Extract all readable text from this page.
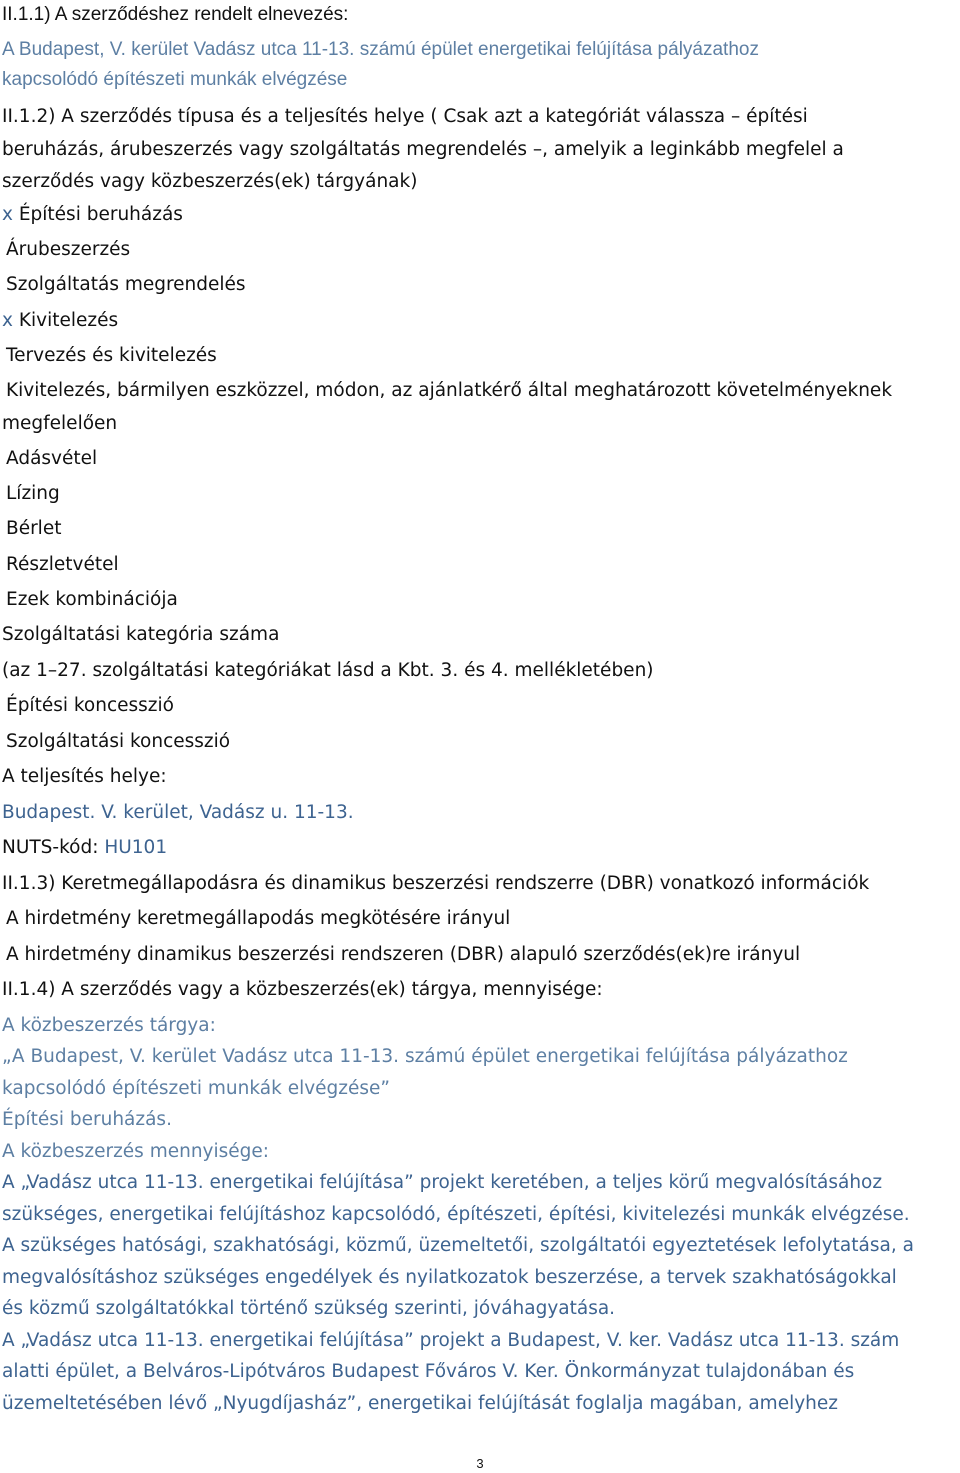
II.1.1) A szerződéshez rendelt elnevezés:
A Budapest, V. kerület Vadász utca 11-13. számú épület energetikai felújítása pályázathoz
kapcsolódó építészeti munkák elvégzése
II.1.2) A szerződés típusa és a teljesítés helye ( Csak azt a kategóriát válassza – építési
beruházás, árubeszerzés vagy szolgáltatás megrendelés –, amelyik a leginkább megfelel a
szerződés vagy közbeszerzés(ek) tárgyának)
x Építési beruházás
Árubeszerzés
Szolgáltatás megrendelés
x Kivitelezés
Tervezés és kivitelezés
Kivitelezés, bármilyen eszközzel, módon, az ajánlatkérő által meghatározott követelményeknek
megfelelően
Adásvétel
Lízing
Bérlet
Részletvétel
Ezek kombinációja
Szolgáltatási kategória száma
(az 1–27. szolgáltatási kategóriákat lásd a Kbt. 3. és 4. mellékletében)
Építési koncesszió
Szolgáltatási koncesszió
A teljesítés helye:
Budapest. V. kerület, Vadász u. 11-13.
NUTS-kód: HU101
II.1.3) Keretmegállapodásra és dinamikus beszerzési rendszerre (DBR) vonatkozó információk
A hirdetmény keretmegállapodás megkötésére irányul
A hirdetmény dinamikus beszerzési rendszeren (DBR) alapuló szerződés(ek)re irányul
II.1.4) A szerződés vagy a közbeszerzés(ek) tárgya, mennyisége:
A közbeszerzés tárgya:
„A Budapest, V. kerület Vadász utca 11-13. számú épület energetikai felújítása pályázathoz
kapcsolódó építészeti munkák elvégzése”
Építési beruházás.
A közbeszerzés mennyisége:
A „Vadász utca 11-13. energetikai felújítása” projekt keretében, a teljes körű megvalósításához
szükséges, energetikai felújításhoz kapcsolódó, építészeti, építési, kivitelezési munkák elvégzése.
A szükséges hatósági, szakhatósági, közmű, üzemeltetői, szolgáltatói egyeztetések lefolytatása, a
megvalósításhoz szükséges engedélyek és nyilatkozatok beszerzése, a tervek szakhatóságokkal
és közmű szolgáltatókkal történő szükség szerinti, jóváhagyatása.
A „Vadász utca 11-13. energetikai felújítása” projekt a Budapest, V. ker. Vadász utca 11-13. szám
alatti épület, a Belváros-Lipótváros Budapest Főváros V. Ker. Önkormányzat tulajdonában és
üzemeltetésében lévő „Nyugdíjasház”, energetikai felújítását foglalja magában, amelyhez
3
